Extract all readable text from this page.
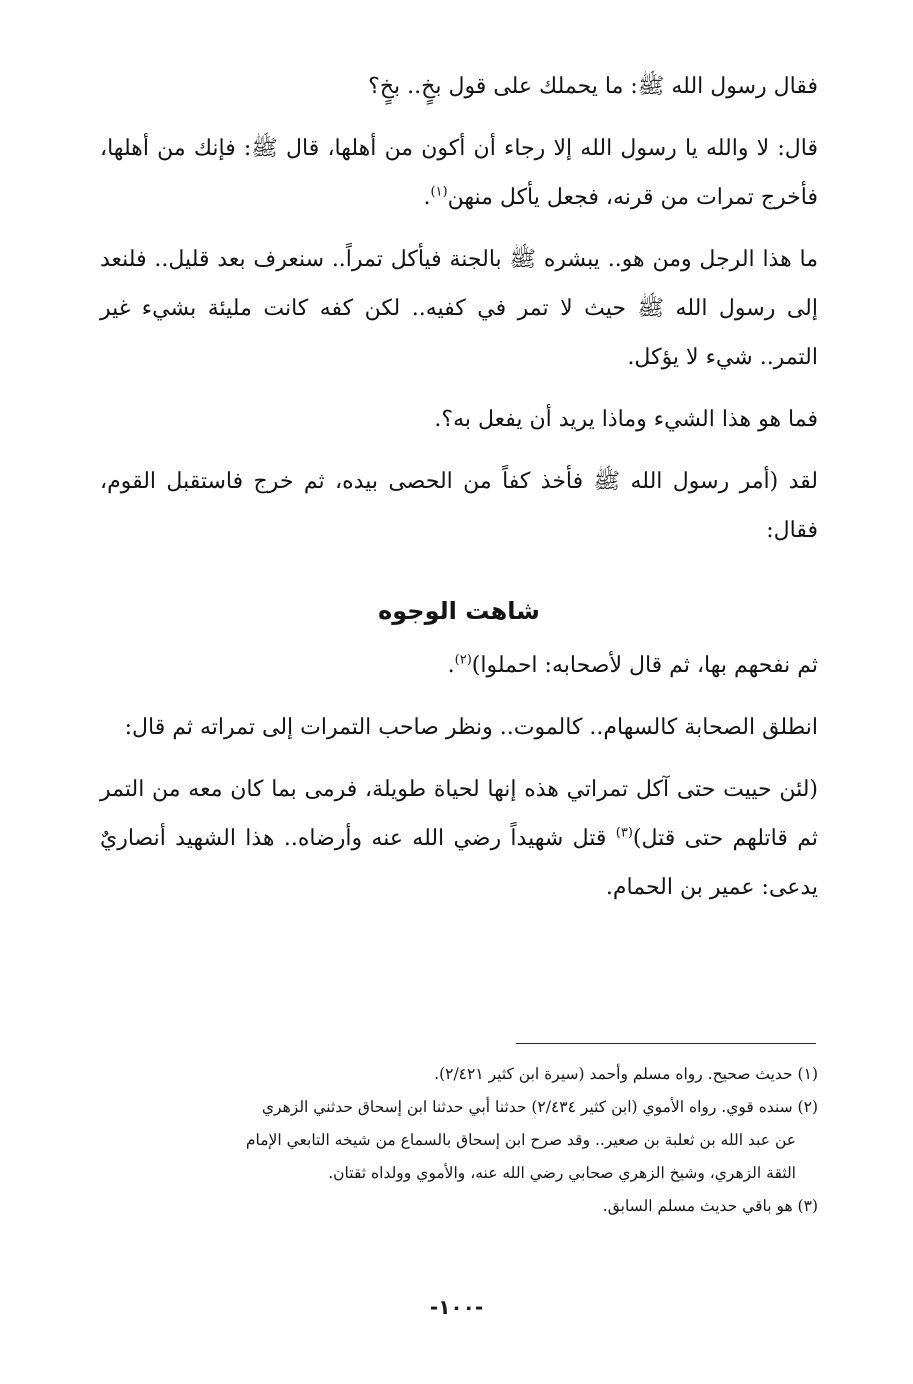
فقال رسول الله ﷺ: ما يحملك على قول بخٍ.. بخٍ؟

قال: لا والله يا رسول الله إلا رجاء أن أكون من أهلها، قال ﷺ: فإنك من أهلها، فأخرج تمرات من قرنه، فجعل يأكل منهن$^{(١)}$.

ما هذا الرجل ومن هو.. يبشره ﷺ بالجنة فيأكل تمراً.. سنعرف بعد قليل.. فلنعد إلى رسول الله ﷺ حيث لا تمر في كفيه.. لكن كفه كانت مليئة بشيء غير التمر.. شيء لا يؤكل.

فما هو هذا الشيء وماذا يريد أن يفعل به؟.

لقد (أمر رسول الله ﷺ فأخذ كفاً من الحصى بيده، ثم خرج فاستقبل القوم، فقال:

شاهت الوجوه

ثم نفحهم بها، ثم قال لأصحابه: احملوا)$^{(٢)}$.

انطلق الصحابة كالسهام.. كالموت.. ونظر صاحب التمرات إلى تمراته ثم قال:

(لئن حييت حتى آكل تمراتي هذه إنها لحياة طويلة، فرمى بما كان معه من التمر ثم قاتلهم حتى قتل)$^{(٣)}$ قتل شهيداً رضي الله عنه وأرضاه.. هذا الشهيد أنصاريٌ يدعى: عمير بن الحمام.

(١) حديث صحيح. رواه مسلم وأحمد (سيرة ابن كثير ٢/٤٢١).

(٢) سنده قوي. رواه الأموي (ابن كثير ٢/٤٣٤) حدثنا أبي حدثنا ابن إسحاق حدثني الزهري
عن عبد الله بن ثعلبة بن صعير.. وقد صرح ابن إسحاق بالسماع من شيخه التابعي الإمام
الثقة الزهري، وشيخ الزهري صحابي رضي الله عنه، والأموي وولداه ثقتان.

(٣) هو باقي حديث مسلم السابق.

-١٠٠-
